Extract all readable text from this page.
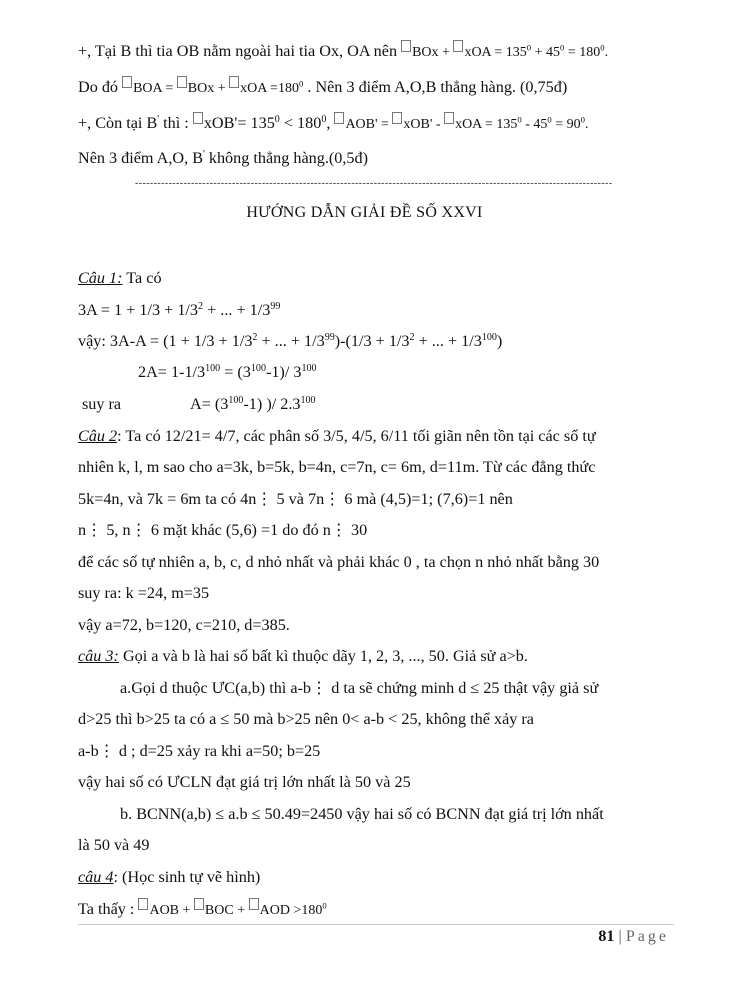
+, Tại B thì tia OB nằm ngoài hai tia Ox, OA nên BOx + xOA = $135^0 + 45^0 = 180^0$.
Do đó BOA = BOx + xOA $=180^0$ . Nên 3 điểm A,O,B thẳng hàng. (0,75đ)
+, Còn tại B' thì : $xOB'= 135^0 < 180^0$, AOB' = xOB' - xOA = $135^0 - 45^0 = 90^0$.
Nên 3 điểm A,O, B' không thẳng hàng.(0,5đ)
--------------------------------------------------------------------------------------------------------------------------------
HƯỚNG DẪN GIẢI ĐỀ SỐ XXVI
Câu 1: Ta có
$3A = 1 + 1/3 + 1/3^2$ + ... + $1/3^{99}$
vậy: $3A-A = (1 + 1/3 + 1/3^2$ + ... + $1/3^{99})-(1/3 + 1/3^2$ + ... + $1/3^{100}$)
$2A= 1-1/3^{100} = (3^{100}-1)/$ $3^{100}$
suy ra	$A= (3^{100}-1)$ )/ $2.3^{100}$
Câu 2: Ta có 12/21= 4/7, các phân số 3/5, 4/5, 6/11 tối giãn nên tồn tại các số tự
nhiên k, l, m sao cho a=3k, b=5k, b=4n, c=7n, c= 6m, d=11m. Từ các đẳng thức
5k=4n, và 7k = 6m ta có 4n⋮ 5 và 7n⋮ 6 mà (4,5)=1; (7,6)=1 nên
n⋮ 5, n⋮ 6 mặt khác (5,6) =1 do đó n⋮ 30
để các số tự nhiên a, b, c, d nhỏ nhất và phải khác 0 , ta chọn n nhỏ nhất bằng 30
suy ra: k =24, m=35
vậy a=72, b=120, c=210, d=385.
câu 3: Gọi a và b là hai số bất kì thuộc dãy 1, 2, 3, ..., 50. Giả sử a>b.
a.Gọi d thuộc ƯC(a,b) thì a-b⋮ d ta sẽ chứng minh d ≤ 25 thật vậy giả sử
d>25 thì b>25 ta có a ≤ 50 mà b>25 nên 0< a-b < 25, không thể xảy ra
a-b⋮ d ; d=25 xảy ra khi a=50; b=25
vậy hai số có ƯCLN đạt giá trị lớn nhất là 50 và 25
b. BCNN(a,b) ≤ a.b ≤ 50.49=2450 vậy hai số có BCNN đạt giá trị lớn nhất
là 50 và 49
câu 4: (Học sinh tự vẽ hình)
Ta thấy : AOB + BOC + AOD $>180^0$
81 | Page
